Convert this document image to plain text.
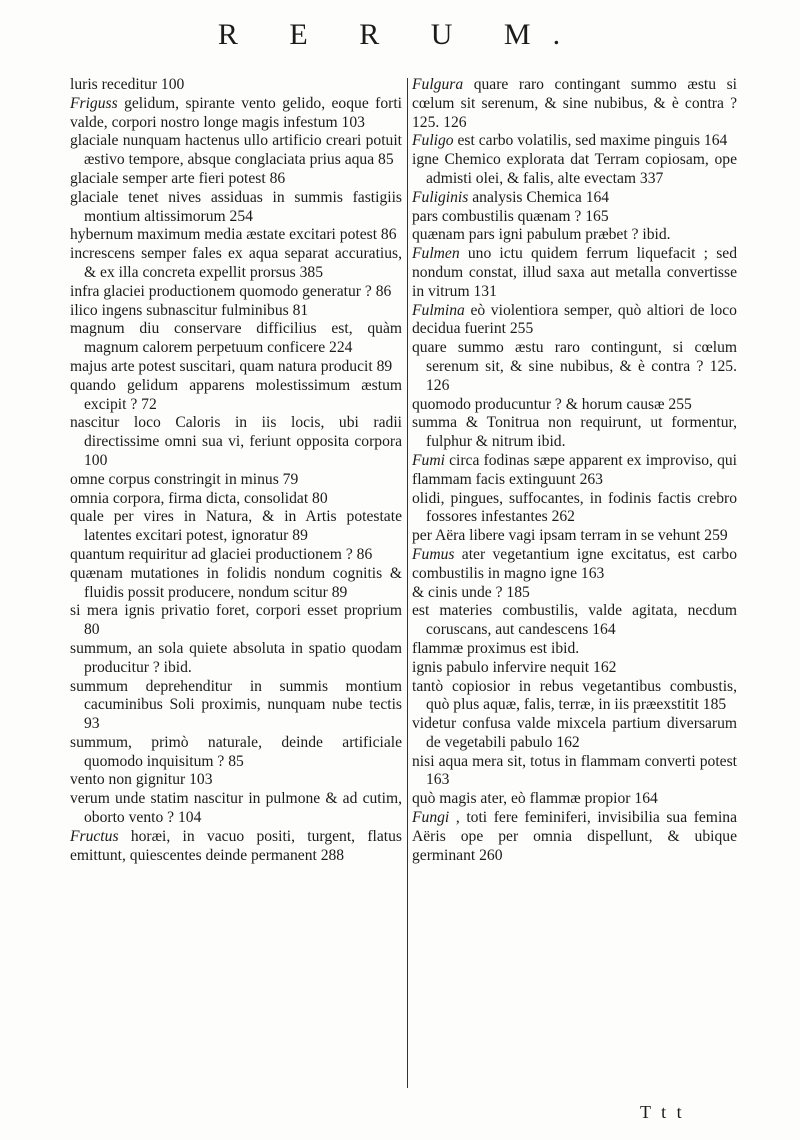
R E R U M.

luris receditur 100

Friguss gelidum, spirante vento gelido, eoque forti valde, corpori nostro longe magis infestum 103

glaciale nunquam hactenus ullo artificio creari potuit æstivo tempore, absque conglaciata prius aqua 85

glaciale semper arte fieri potest 86

glaciale tenet nives assiduas in summis fastigiis montium altissimorum 254

hybernum maximum media æstate excitari potest 86

increscens semper fales ex aqua separat accuratius, & ex illa concreta expellit prorsus 385

infra glaciei productionem quomodo generatur ? 86

ilico ingens subnascitur fulminibus 81

magnum diu conservare difficilius est, quàm magnum calorem perpetuum conficere 224

majus arte potest suscitari, quam natura producit 89

quando gelidum apparens molestissimum æstum excipit ? 72

nascitur loco Caloris in iis locis, ubi radii directissime omni sua vi, feriunt opposita corpora 100

omne corpus constringit in minus 79

omnia corpora, firma dicta, consolidat 80

quale per vires in Natura, & in Artis potestate latentes excitari potest, ignoratur 89

quantum requiritur ad glaciei productionem ? 86

quænam mutationes in folidis nondum cognitis & fluidis possit producere, nondum scitur 89

si mera ignis privatio foret, corpori esset proprium 80

summum, an sola quiete absoluta in spatio quodam producitur ? ibid.

summum deprehenditur in summis montium cacuminibus Soli proximis, nunquam nube tectis 93

summum, primò naturale, deinde artificiale quomodo inquisitum ? 85

vento non gignitur 103

verum unde statim nascitur in pulmone & ad cutim, oborto vento ? 104

Fructus horæi, in vacuo positi, turgent, flatus emittunt, quiescentes deinde permanent 288

Fulgura quare raro contingant summo æstu si cœlum sit serenum, & sine nubibus, & è contra ? 125. 126

Fuligo est carbo volatilis, sed maxime pinguis 164

igne Chemico explorata dat Terram copiosam, ope admisti olei, & falis, alte evectam 337

Fuliginis analysis Chemica 164

pars combustilis quænam ? 165

quænam pars igni pabulum præbet ? ibid.

Fulmen uno ictu quidem ferrum liquefacit ; sed nondum constat, illud saxa aut metalla convertisse in vitrum 131

Fulmina eò violentiora semper, quò altiori de loco decidua fuerint 255

quare summo æstu raro contingunt, si cœlum serenum sit, & sine nubibus, & è contra ? 125. 126

quomodo producuntur ? & horum causæ 255

summa & Tonitrua non requirunt, ut formentur, fulphur & nitrum ibid.

Fumi circa fodinas sæpe apparent ex improviso, qui flammam facis extinguunt 263

olidi, pingues, suffocantes, in fodinis factis crebro fossores infestantes 262

per Aëra libere vagi ipsam terram in se vehunt 259

Fumus ater vegetantium igne excitatus, est carbo combustilis in magno igne 163

& cinis unde ? 185

est materies combustilis, valde agitata, necdum coruscans, aut candescens 164

flammæ proximus est ibid.

ignis pabulo infervire nequit 162

tantò copiosior in rebus vegetantibus combustis, quò plus aquæ, falis, terræ, in iis præexstitit 185

videtur confusa valde mixcela partium diversarum de vegetabili pabulo 162

nisi aqua mera sit, totus in flammam converti potest 163

quò magis ater, eò flammæ propior 164

Fungi , toti fere feminiferi, invisibilia sua femina Aëris ope per omnia dispellunt, & ubique germinant 260

T t t
